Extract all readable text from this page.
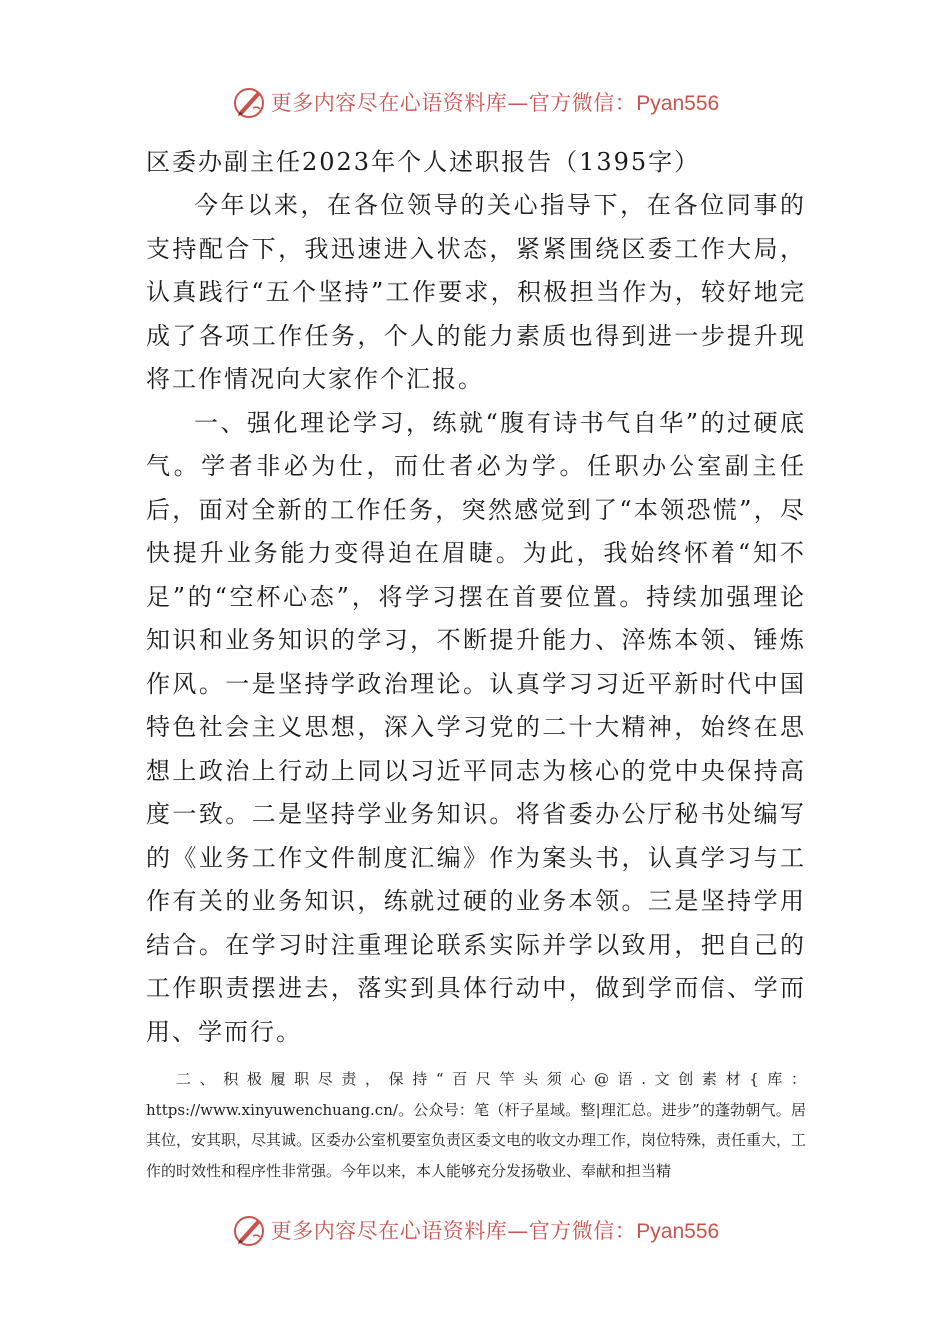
更多内容尽在心语资料库—官方微信：Pyan556

区委办副主任2023年个人述职报告（1395字）

今年以来，在各位领导的关心指导下，在各位同事的支持配合下，我迅速进入状态，紧紧围绕区委工作大局，认真践行“五个坚持”工作要求，积极担当作为，较好地完成了各项工作任务，个人的能力素质也得到进一步提升现将工作情况向大家作个汇报。

一、强化理论学习，练就“腹有诗书气自华”的过硬底气。学者非必为仕，而仕者必为学。任职办公室副主任后，面对全新的工作任务，突然感觉到了“本领恐慌”，尽快提升业务能力变得迫在眉睫。为此，我始终怀着“知不足”的“空杯心态”，将学习摆在首要位置。持续加强理论知识和业务知识的学习，不断提升能力、淬炼本领、锤炼作风。一是坚持学政治理论。认真学习习近平新时代中国特色社会主义思想，深入学习党的二十大精神，始终在思想上政治上行动上同以习近平同志为核心的党中央保持高度一致。二是坚持学业务知识。将省委办公厅秘书处编写的《业务工作文件制度汇编》作为案头书，认真学习与工作有关的业务知识，练就过硬的业务本领。三是坚持学用结合。在学习时注重理论联系实际并学以致用，把自己的工作职责摆进去，落实到具体行动中，做到学而信、学而用、学而行。

二、积极履职尽责，保持“百尺竿头须心@语.文创素材{库：https://www.xinyuwenchuang.cn/。公众号：笔（杆子星域。整|理汇总。进步”的蓬勃朝气。居其位，安其职，尽其诚。区委办公室机要室负责区委文电的收文办理工作，岗位特殊，责任重大，工作的时效性和程序性非常强。今年以来，本人能够充分发扬敬业、奉献和担当精

更多内容尽在心语资料库—官方微信：Pyan556
